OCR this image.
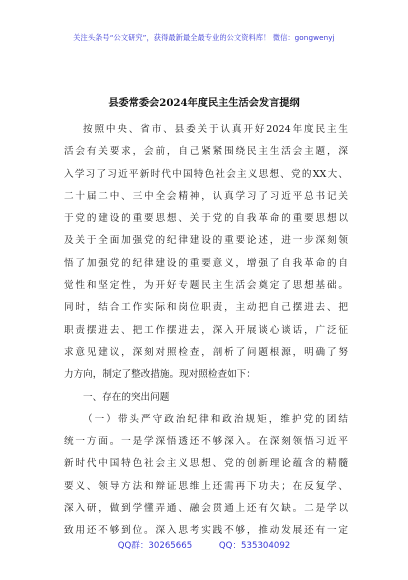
关注头条号“公文研究”，获得最新最全最专业的公文资料库！ 微信：gongwenyj
县委常委会2024年度民主生活会发言提纲
按照中央、省市、县委关于认真开好2024年度民主生
活会有关要求，会前，自己紧紧围绕民主生活会主题，深
入学习了习近平新时代中国特色社会主义思想、党的XX大、
二十届二中、三中全会精神，认真学习了习近平总书记关
于党的建设的重要思想、关于党的自我革命的重要思想以
及关于全面加强党的纪律建设的重要论述，进一步深刻领
悟了加强党的纪律建设的重要意义，增强了自我革命的自
觉性和坚定性，为开好专题民主生活会奠定了思想基础。
同时，结合工作实际和岗位职责，主动把自己摆进去、把
职责摆进去、把工作摆进去，深入开展谈心谈话，广泛征
求意见建议，深刻对照检查，剖析了问题根源，明确了努
力方向，制定了整改措施。现对照检查如下：
一、存在的突出问题
（一）带头严守政治纪律和政治规矩，维护党的团结
统一方面。一是学深悟透还不够深入。在深刻领悟习近平
新时代中国特色社会主义思想、党的创新理论蕴含的精髓
要义、领导方法和辩证思维上还需再下功夫；在反复学、
深入研，做到学懂弄通、融会贯通上还有欠缺。二是学以
致用还不够到位。深入思考实践不够，推动发展还有一定
QQ群：30265665	QQ：535304092
